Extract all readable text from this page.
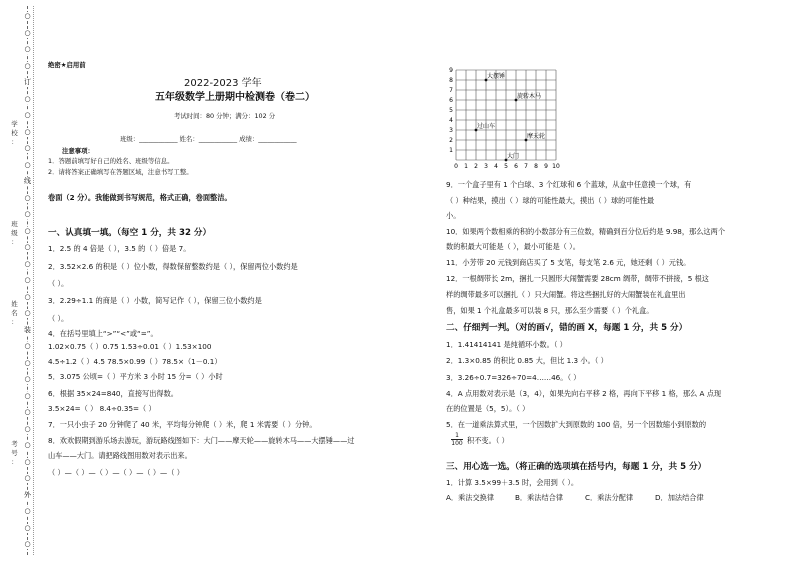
○
○
○
○
订
○
○
○
○
○
线
○
○
○
○
○
○
○
○
装
○
○
○
○
○
○
○
○
○
外
○
○
○
学
校
：
班
级
：
姓
名
：
考
号
：
绝密★启用前
2022-2023 学年
五年级数学上册期中检测卷（卷二）
考试时间：80 分钟；满分：102 分
班级：____________ 姓名：____________ 成绩：____________
注意事项：
1．答题前填写好自己的姓名、班级等信息。
2．请将答案正确填写在答题区域，注意书写工整。
卷面（2 分）。我能做到书写规范，格式正确，卷面整洁。
一、认真填一填。（每空 1 分，共 32 分）
1．2.5 的 4 倍是（ ），3.5 的（ ）倍是 7。
2．3.52×2.6 的积是（ ）位小数，得数保留整数约是（ ），保留两位小数约是
（ ）。
3．2.29÷1.1 的商是（ ）小数，简写记作（ ），保留三位小数约是
（ ）。
4．在括号里填上“>”“<”或“=”。
1.02×0.75（ ）0.75 1.53÷0.01（ ）1.53×100
4.5÷1.2（ ）4.5 78.5×0.99（ ）78.5×（1－0.1）
5．3.075 公顷=（ ）平方米 3 小时 15 分=（ ）小时
6．根据 35×24=840，直接写出得数。
3.5×24=（ ） 8.4÷0.35=（ ）
7．一只小虫子 20 分钟爬了 40 米，平均每分钟爬（ ）米，爬 1 米需要（ ）分钟。
8．欢欢假期到游乐场去游玩，游玩路线图如下：大门——摩天轮——旋转木马——大摆锤——过
山车——大门。请把路线图用数对表示出来。
（ ）—（ ）—（ ）—（ ）—（ ）—（ ）
0 1 2 3 4 5 6 7 8 9 10
9
8
7
6
5
4
3
2
1
大摆锤
旋转木马
过山车
摩天轮
大门
9．一个盒子里有 1 个白球、3 个红球和 6 个蓝球，从盒中任意摸一个球，有
（ ）种结果，摸出（ ）球的可能性最大，摸出（ ）球的可能性最
小。
10．如果两个数相乘的积的小数部分有三位数，精确到百分位后约是 9.98，那么这两个
数的积最大可能是（ ），最小可能是（ ）。
11．小芳带 20 元钱到商店买了 5 支笔，每支笔 2.6 元，她还剩（ ）元钱。
12．一根绸带长 2m，捆扎一只圆形大闹蟹需要 28cm 绸带，绸带不拼接，5 根这
样的绸带最多可以捆扎（ ）只大闹蟹。将这些捆扎好的大闹蟹装在礼盒里出
售，如果 1 个礼盒最多可以装 8 只，那么至少需要（ ）个礼盒。
二、仔细判一判。（对的画√，错的画 X，每题 1 分，共 5 分）
1．1.41414141 是纯循环小数。（ ）
2．1.3×0.85 的积比 0.85 大，但比 1.3 小。（ ）
3．3.26÷0.7=326÷70=4……46。（ ）
4．A 点用数对表示是（3，4），如果先向右平移 2 格，再向下平移 1 格，那么 A 点现
在的位置是（5，5）。（ ）
5．在一道乘法算式里，一个因数扩大到原数的 100 倍，另一个因数缩小到原数的
积不变。（ ）
$\frac{1}{100}$
三、用心选一选。（将正确的选项填在括号内，每题 1 分，共 5 分）
1．计算 3.5×99＋3.5 时，会用到（ ）。
A．乘法交换律	B．乘法结合律	C．乘法分配律	D．加法结合律
